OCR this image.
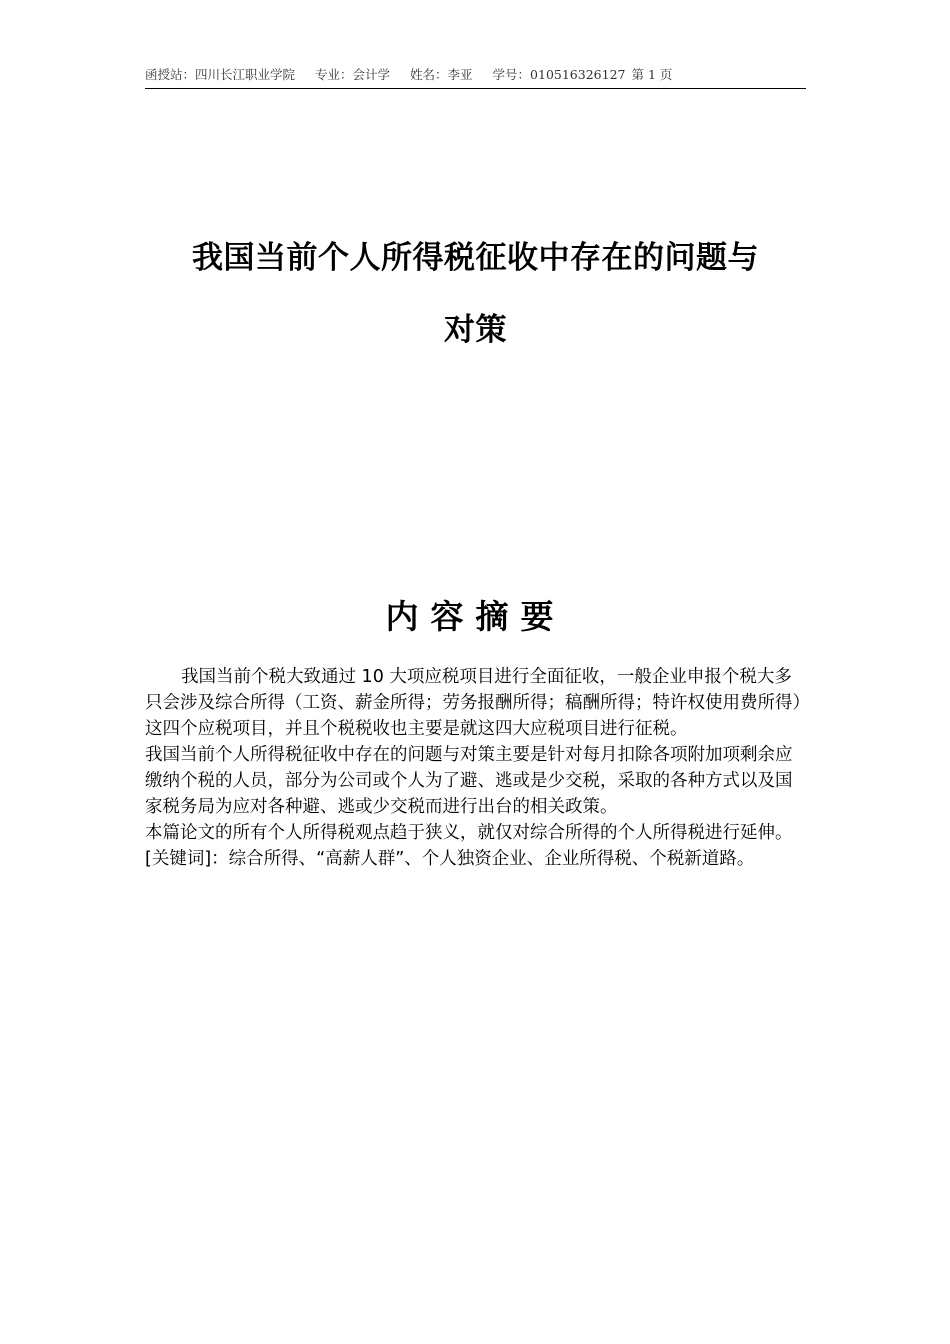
函授站：四川长江职业学院 专业：会计学 姓名：李亚 学号：010516326127 第 1 页
我国当前个人所得税征收中存在的问题与
对策
内容摘要

我国当前个税大致通过 10 大项应税项目进行全面征收，一般企业申报个税大多只会涉及综合所得（工资、薪金所得；劳务报酬所得；稿酬所得；特许权使用费所得）这四个应税项目，并且个税税收也主要是就这四大应税项目进行征税。

我国当前个人所得税征收中存在的问题与对策主要是针对每月扣除各项附加项剩余应缴纳个税的人员，部分为公司或个人为了避、逃或是少交税，采取的各种方式以及国家税务局为应对各种避、逃或少交税而进行出台的相关政策。

本篇论文的所有个人所得税观点趋于狭义，就仅对综合所得的个人所得税进行延伸。

[关键词]：综合所得、“高薪人群”、个人独资企业、企业所得税、个税新道路。
